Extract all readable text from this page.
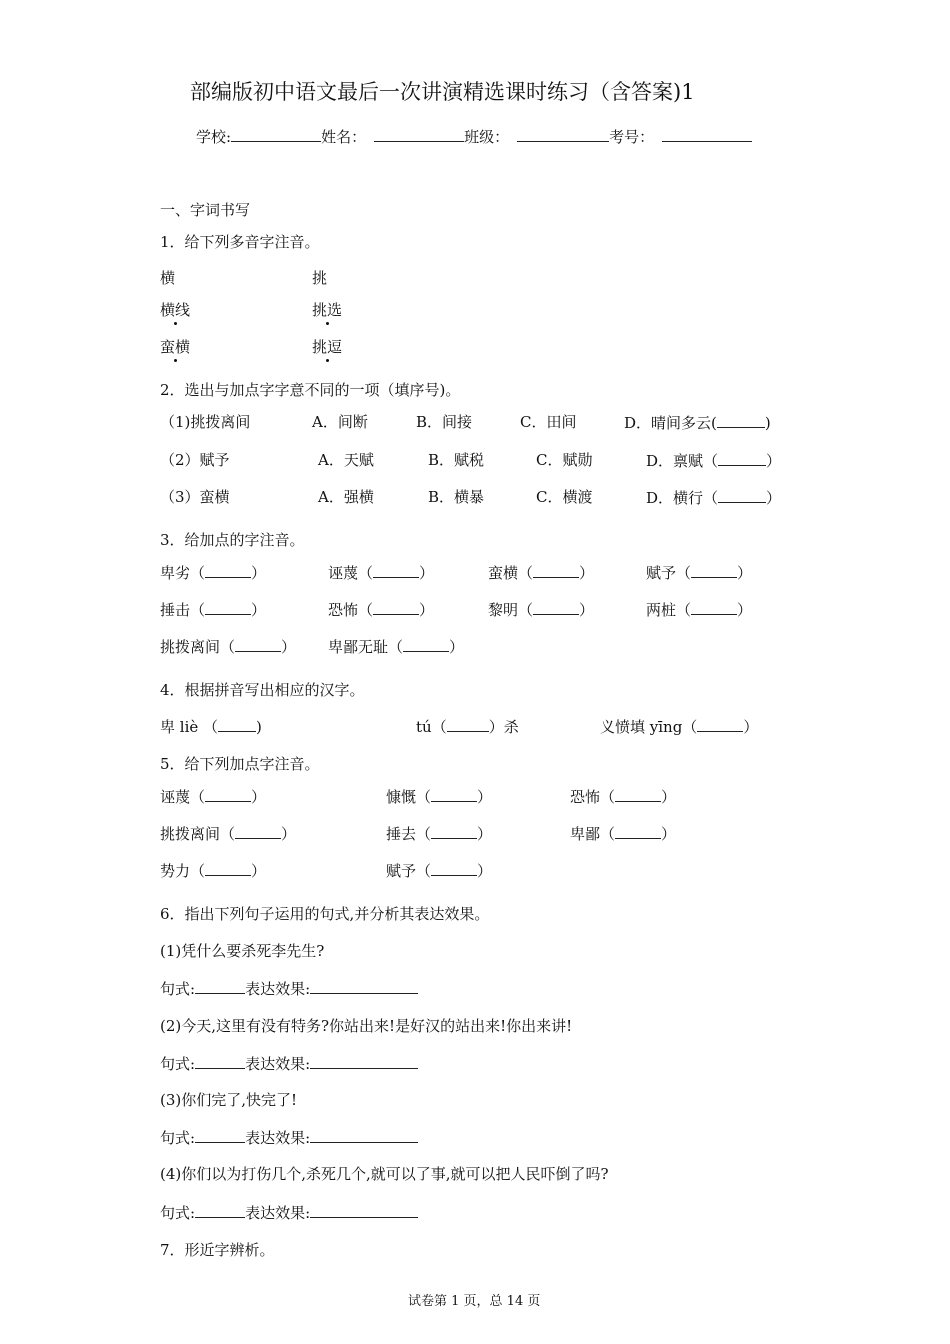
部编版初中语文最后一次讲演精选课时练习（含答案)1
学校:	姓名：	班级：	考号：
一、字词书写
1．给下列多音字注音。
横	挑
横线	挑选
蛮横	挑逗
2．选出与加点字字意不同的一项（填序号)。
（1)挑拨离间	A．间断	B．间接	C．田间	D．晴间多云(	)
（2）赋予	A．天赋	B．赋税	C．赋勋	D．禀赋（	）
（3）蛮横	A．强横	B．横暴	C．横渡	D．横行（	）
3．给加点的字注音。
卑劣（	）	诬蔑（	）	蛮横（	）	赋予（	）
捶击（	）	恐怖（	）	黎明（	）	两桩（	）
挑拨离间（	） 卑鄙无耻（	）
4．根据拼音写出相应的汉字。
卑 liè （	)	tú（	）杀	义愤填 yīng（	）
5．给下列加点字注音。
诬蔑（	）	慷慨（	）	恐怖（	）
挑拨离间（	）	捶去（	）	卑鄙（	）
势力（	）	赋予（	）
6．指出下列句子运用的句式,并分析其表达效果。
(1)凭什么要杀死李先生?
句式:	表达效果:
(2)今天,这里有没有特务?你站出来!是好汉的站出来!你出来讲!
句式:	表达效果:
(3)你们完了,快完了!
句式:	表达效果:
(4)你们以为打伤几个,杀死几个,就可以了事,就可以把人民吓倒了吗?
句式:	表达效果:
7．形近字辨析。
试卷第 1 页，总 14 页
